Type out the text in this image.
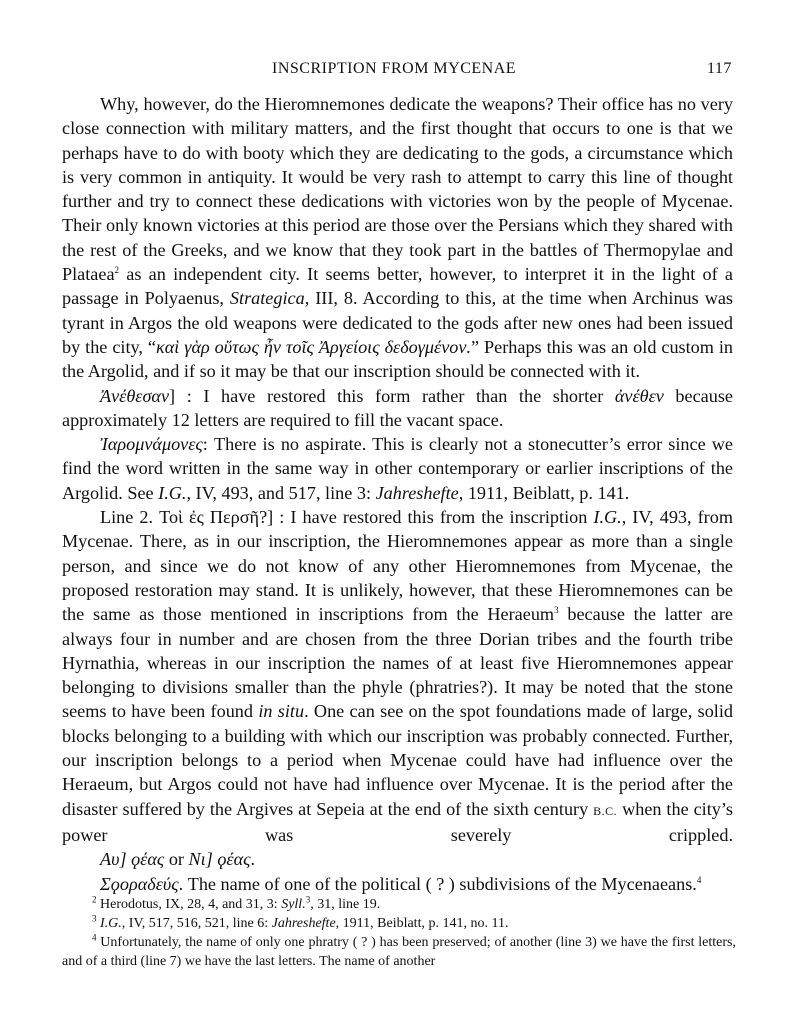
INSCRIPTION FROM MYCENAE	117

Why, however, do the Hieromnemones dedicate the weapons? Their office has no very close connection with military matters, and the first thought that occurs to one is that we perhaps have to do with booty which they are dedicating to the gods, a circumstance which is very common in antiquity. It would be very rash to attempt to carry this line of thought further and try to connect these dedications with victories won by the people of Mycenae. Their only known victories at this period are those over the Persians which they shared with the rest of the Greeks, and we know that they took part in the battles of Thermopylae and Plataea$^2$ as an independent city. It seems better, however, to interpret it in the light of a passage in Polyaenus, Strategica, III, 8. According to this, at the time when Archinus was tyrant in Argos the old weapons were dedicated to the gods after new ones had been issued by the city, “καὶ γὰρ οὕτως ἦν τοῖς Ἀργείοις δεδογμένον.” Perhaps this was an old custom in the Argolid, and if so it may be that our inscription should be connected with it.

Ἀνέθεσαν] : I have restored this form rather than the shorter ἀνέθεν because approximately 12 letters are required to fill the vacant space.

Ἰαρομνάμονες: There is no aspirate. This is clearly not a stonecutter’s error since we find the word written in the same way in other contemporary or earlier inscriptions of the Argolid. See I.G., IV, 493, and 517, line 3: Jahreshefte, 1911, Beiblatt, p. 141.

Line 2. Τοὶ ἐς Περσῆ?] : I have restored this from the inscription I.G., IV, 493, from Mycenae. There, as in our inscription, the Hieromnemones appear as more than a single person, and since we do not know of any other Hieromnemones from Mycenae, the proposed restoration may stand. It is unlikely, however, that these Hieromnemones can be the same as those mentioned in inscriptions from the Heraeum$^3$ because the latter are always four in number and are chosen from the three Dorian tribes and the fourth tribe Hyrnathia, whereas in our inscription the names of at least five Hieromnemones appear belonging to divisions smaller than the phyle (phratries?). It may be noted that the stone seems to have been found in situ. One can see on the spot foundations made of large, solid blocks belonging to a building with which our inscription was probably connected. Further, our inscription belongs to a period when Mycenae could have had influence over the Heraeum, but Argos could not have had influence over Mycenae. It is the period after the disaster suffered by the Argives at Sepeia at the end of the sixth century B.C. when the city’s power was severely crippled.

Αυ] ϙέας or Νι] ϙέας.

Σϙοραδεύς. The name of one of the political ( ? ) subdivisions of the Mycenaeans.$^4$

$^2$ Herodotus, IX, 28, 4, and 31, 3: Syll.$^3$, 31, line 19.

$^3$ I.G., IV, 517, 516, 521, line 6: Jahreshefte, 1911, Beiblatt, p. 141, no. 11.

$^4$ Unfortunately, the name of only one phratry ( ? ) has been preserved; of another (line 3) we have the first letters, and of a third (line 7) we have the last letters. The name of another
